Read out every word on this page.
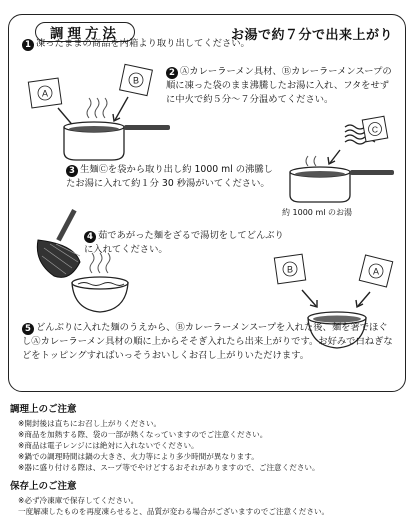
調理方法	お湯で約７分で出来上がり
A
B
C
B	A
1 凍ったままの商品を内箱より取り出してください。
2 Ⓐカレーラーメン具材、Ⓑカレーラーメンスープの順に凍った袋のまま沸騰したお湯に入れ、フタをせずに中火で約５分～７分温めてください。
3 生麺Ⓒを袋から取り出し約 1000 ml の沸騰したお湯に入れて約１分 30 秒湯がいてください。
約 1000 ml のお湯
4 茹であがった麺をざるで湯切をしてどんぶりに入れてください。
5 どんぶりに入れた麺のうえから、Ⓑカレーラーメンスープを入れた後、麺を箸でほぐしⒶカレーラーメン具材の順に上からそそぎ入れたら出来上がりです。お好みで白ねぎなどをトッピングすればいっそうおいしくお召し上がりいただけます。
調理上のご注意
※開封後は直ちにお召し上がりください。
※商品を加熱する際、袋の一部が熱くなっていますのでご注意ください。
※商品は電子レンジには絶対に入れないでください。
※鍋での調理時間は鍋の大きさ、火力等により多少時間が異なります。
※器に盛り付ける際は、スープ等でやけどするおそれがありますので、ご注意ください。
保存上のご注意
※必ず冷凍庫で保存してください。
一度解凍したものを再度凍らせると、品質が変わる場合がございますのでご注意ください。
